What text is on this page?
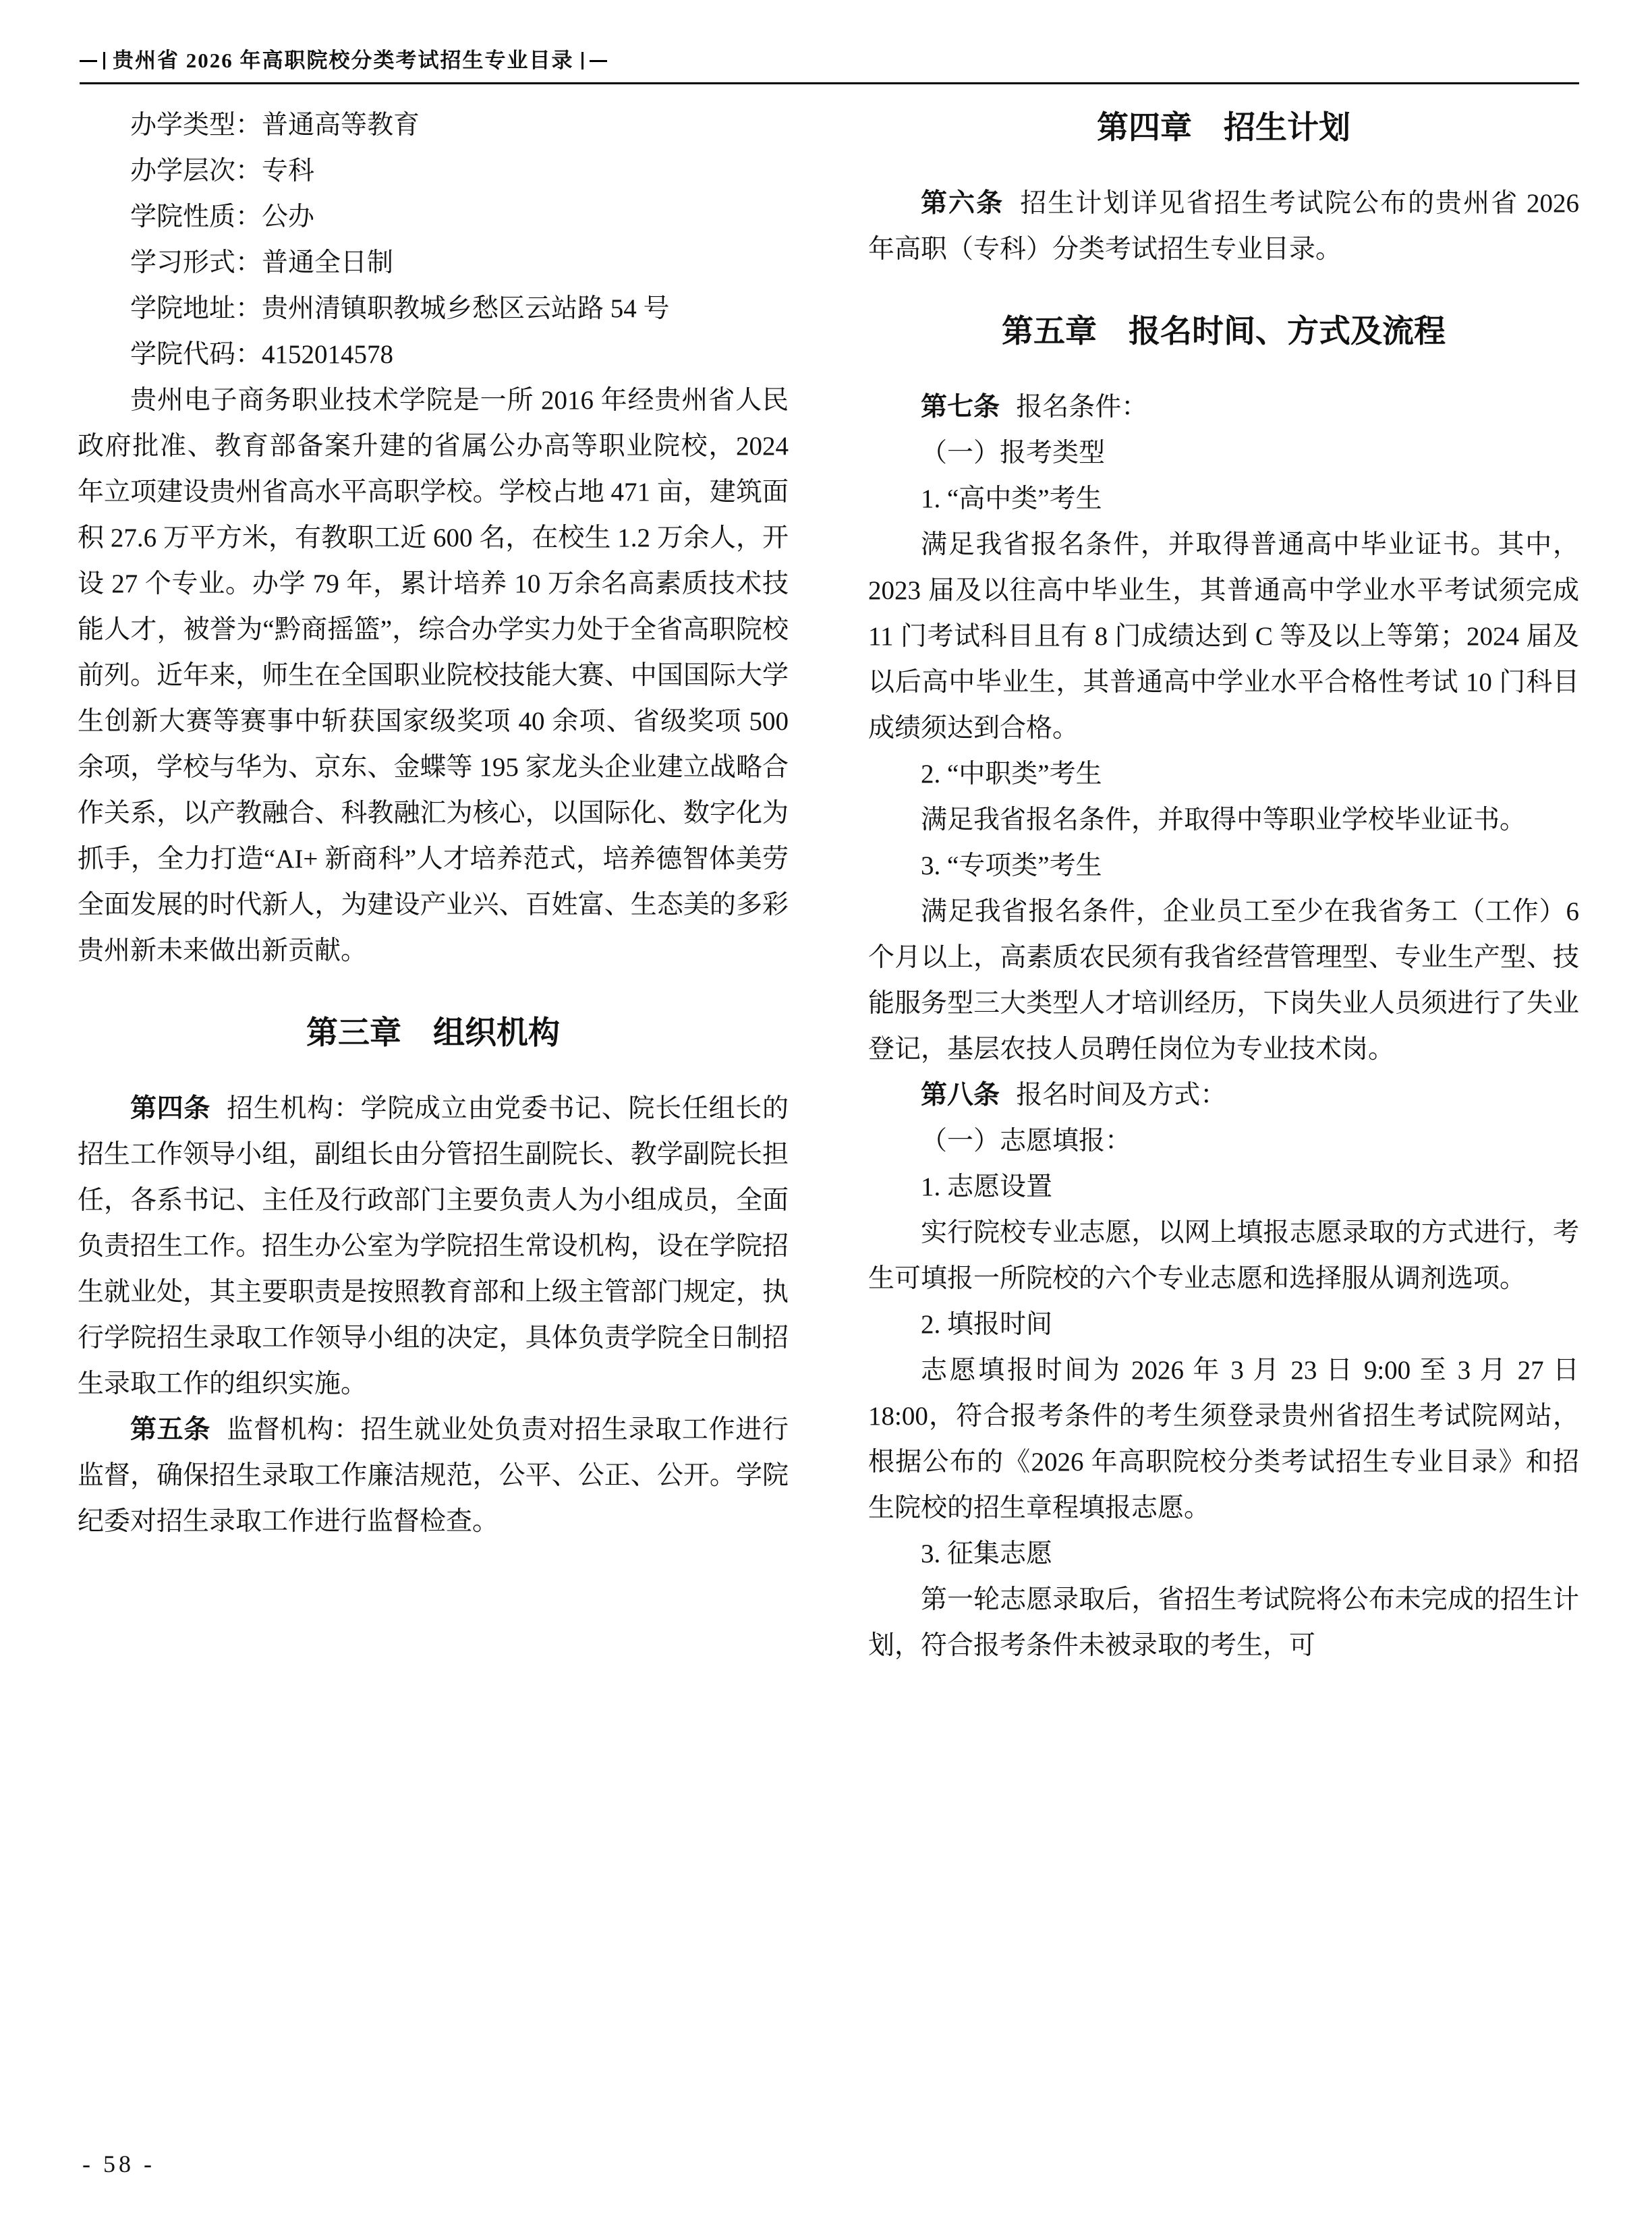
贵州省 2026 年高职院校分类考试招生专业目录

办学类型：普通高等教育

办学层次：专科

学院性质：公办

学习形式：普通全日制

学院地址：贵州清镇职教城乡愁区云站路 54 号

学院代码：4152014578

贵州电子商务职业技术学院是一所 2016 年经贵州省人民政府批准、教育部备案升建的省属公办高等职业院校，2024 年立项建设贵州省高水平高职学校。学校占地 471 亩，建筑面积 27.6 万平方米，有教职工近 600 名，在校生 1.2 万余人，开设 27 个专业。办学 79 年，累计培养 10 万余名高素质技术技能人才，被誉为“黔商摇篮”，综合办学实力处于全省高职院校前列。近年来，师生在全国职业院校技能大赛、中国国际大学生创新大赛等赛事中斩获国家级奖项 40 余项、省级奖项 500 余项，学校与华为、京东、金蝶等 195 家龙头企业建立战略合作关系，以产教融合、科教融汇为核心，以国际化、数字化为抓手，全力打造“AI+ 新商科”人才培养范式，培养德智体美劳全面发展的时代新人，为建设产业兴、百姓富、生态美的多彩贵州新未来做出新贡献。

第三章　组织机构

第四条 招生机构：学院成立由党委书记、院长任组长的招生工作领导小组，副组长由分管招生副院长、教学副院长担任，各系书记、主任及行政部门主要负责人为小组成员，全面负责招生工作。招生办公室为学院招生常设机构，设在学院招生就业处，其主要职责是按照教育部和上级主管部门规定，执行学院招生录取工作领导小组的决定，具体负责学院全日制招生录取工作的组织实施。

第五条 监督机构：招生就业处负责对招生录取工作进行监督，确保招生录取工作廉洁规范，公平、公正、公开。学院纪委对招生录取工作进行监督检查。

第四章　招生计划

第六条 招生计划详见省招生考试院公布的贵州省 2026 年高职（专科）分类考试招生专业目录。

第五章　报名时间、方式及流程

第七条 报名条件：

（一）报考类型

1. “高中类”考生

满足我省报名条件，并取得普通高中毕业证书。其中，2023 届及以往高中毕业生，其普通高中学业水平考试须完成 11 门考试科目且有 8 门成绩达到 C 等及以上等第；2024 届及以后高中毕业生，其普通高中学业水平合格性考试 10 门科目成绩须达到合格。

2. “中职类”考生

满足我省报名条件，并取得中等职业学校毕业证书。

3. “专项类”考生

满足我省报名条件，企业员工至少在我省务工（工作）6 个月以上，高素质农民须有我省经营管理型、专业生产型、技能服务型三大类型人才培训经历，下岗失业人员须进行了失业登记，基层农技人员聘任岗位为专业技术岗。

第八条 报名时间及方式：

（一）志愿填报：

1. 志愿设置

实行院校专业志愿，以网上填报志愿录取的方式进行，考生可填报一所院校的六个专业志愿和选择服从调剂选项。

2. 填报时间

志愿填报时间为 2026 年 3 月 23 日 9:00 至 3 月 27 日 18:00，符合报考条件的考生须登录贵州省招生考试院网站，根据公布的《2026 年高职院校分类考试招生专业目录》和招生院校的招生章程填报志愿。

3. 征集志愿

第一轮志愿录取后，省招生考试院将公布未完成的招生计划，符合报考条件未被录取的考生，可

- 58 -
